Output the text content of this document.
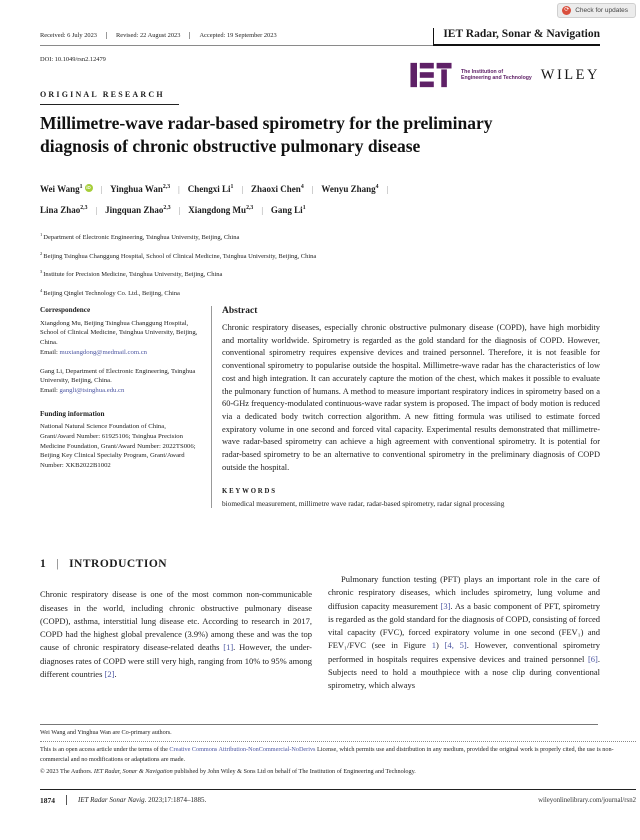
⟳ Check for updates
Received: 6 July 2023	Revised: 22 August 2023	Accepted: 19 September 2023	IET Radar, Sonar & Navigation
DOI: 10.1049/rsn2.12479
The Institution of
Engineering and Technology WILEY
ORIGINAL RESEARCH
Millimetre-wave radar-based spirometry for the preliminary diagnosis of chronic obstructive pulmonary disease
Wei Wang$^1$ iD | Yinghua Wan$^{2,3}$ | Chengxi Li$^1$ | Zhaoxi Chen$^4$ | Wenyu Zhang$^4$ |
Lina Zhao$^{2,3}$ | Jingquan Zhao$^{2,3}$ | Xiangdong Mu$^{2,3}$ | Gang Li$^1$
$^1$Department of Electronic Engineering, Tsinghua University, Beijing, China
$^2$Beijing Tsinghua Changgung Hospital, School of Clinical Medicine, Tsinghua University, Beijing, China
$^3$Institute for Precision Medicine, Tsinghua University, Beijing, China
$^4$Beijing Qinglei Technology Co. Ltd., Beijing, China
Correspondence
Xiangdong Mu, Beijing Tsinghua Changgung Hospital, School of Clinical Medicine, Tsinghua University, Beijing, China.
Email: muxiangdong@medmail.com.cn
Gang Li, Department of Electronic Engineering, Tsinghua University, Beijing, China.
Email: gangli@tsinghua.edu.cn
Funding information
National Natural Science Foundation of China, Grant/Award Number: 61925106; Tsinghua Precision Medicine Foundation, Grant/Award Number: 2022TS006; Beijing Key Clinical Specialty Program, Grant/Award Number: XKB2022B1002
Abstract
Chronic respiratory diseases, especially chronic obstructive pulmonary disease (COPD), have high morbidity and mortality worldwide. Spirometry is regarded as the gold standard for the diagnosis of COPD. However, conventional spirometry requires expensive devices and trained personnel. Therefore, it is not feasible for conventional spirometry to popularise outside the hospital. Millimetre-wave radar has the characteristics of low cost and high integration. It can accurately capture the motion of the chest, which makes it possible to evaluate the pulmonary function of humans. A method to measure important respiratory indices in spirometry based on a 60-GHz frequency-modulated continuous-wave radar system is proposed. The impact of body motion is reduced via a dedicated body twitch correction algorithm. A new fitting formula was utilised to estimate forced expiratory volume in one second and forced vital capacity. Experimental results demonstrated that millimetre-wave radar-based spirometry can achieve a high agreement with conventional spirometry. It is potential for radar-based spirometry to be an alternative to conventional spirometry in the preliminary diagnosis of COPD outside the hospital.
KEYWORDS
biomedical measurement, millimetre wave radar, radar-based spirometry, radar signal processing
1 | INTRODUCTION
Chronic respiratory disease is one of the most common non-communicable diseases in the world, including chronic obstructive pulmonary disease (COPD), asthma, interstitial lung disease etc. According to research in 2017, COPD had the highest global prevalence (3.9%) among these and was the top cause of chronic respiratory disease-related deaths [1]. However, the under-diagnoses rates of COPD were still very high, ranging from 10% to 95% among different countries [2].
Pulmonary function testing (PFT) plays an important role in the care of chronic respiratory diseases, which includes spirometry, lung volume and diffusion capacity measurement [3]. As a basic component of PFT, spirometry is regarded as the gold standard for the diagnosis of COPD, consisting of forced vital capacity (FVC), forced expiratory volume in one second (FEV₁) and FEV₁/FVC (see in Figure 1) [4, 5]. However, conventional spirometry performed in hospitals requires expensive devices and trained personnel [6]. Subjects need to hold a mouthpiece with a nose clip during conventional spirometry, which always
Wei Wang and Yinghua Wan are Co-primary authors.
This is an open access article under the terms of the Creative Commons Attribution-NonCommercial-NoDerivs License, which permits use and distribution in any medium, provided the original work is properly cited, the use is non-commercial and no modifications or adaptations are made.
© 2023 The Authors. IET Radar, Sonar & Navigation published by John Wiley & Sons Ltd on behalf of The Institution of Engineering and Technology.
1874	IET Radar Sonar Navig. 2023;17:1874–1885.	wileyonlinelibrary.com/journal/rsn2
